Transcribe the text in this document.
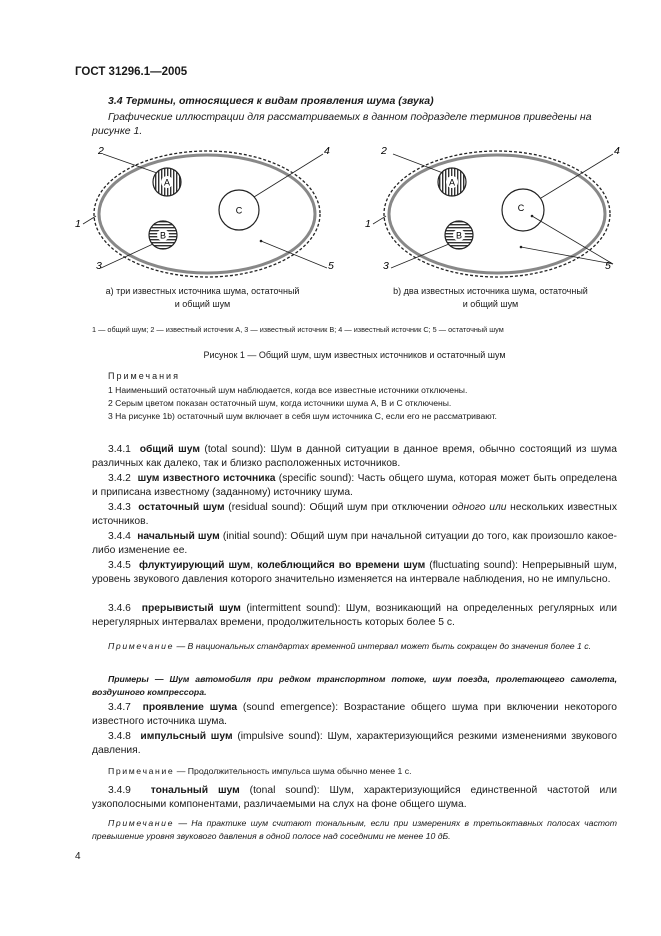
ГОСТ 31296.1—2005
3.4 Термины, относящиеся к видам проявления шума (звука)
Графические иллюстрации для рассматриваемых в данном подразделе терминов приведены на рисунке 1.
A
B
C
2
3
4
5
1
A
B
C
2
3
4
5
1
а) три известных источника шума, остаточный
и общий шум
b) два известных источника шума, остаточный
и общий шум
1 — общий шум; 2 — известный источник А, 3 — известный источник В; 4 — известный источник С; 5 — остаточный шум
Рисунок 1 — Общий шум, шум известных источников и остаточный шум
Примечания
1 Наименьший остаточный шум наблюдается, когда все известные источники отключены.
2 Серым цветом показан остаточный шум, когда источники шума А, В и С отключены.
3 На рисунке 1b) остаточный шум включает в себя шум источника С, если его не рассматривают.
3.4.1 общий шум (total sound): Шум в данной ситуации в данное время, обычно состоящий из шума различных как далеко, так и близко расположенных источников.
3.4.2 шум известного источника (specific sound): Часть общего шума, которая может быть определена и приписана известному (заданному) источнику шума.
3.4.3 остаточный шум (residual sound): Общий шум при отключении одного или нескольких известных источников.
3.4.4 начальный шум (initial sound): Общий шум при начальной ситуации до того, как произошло какое-либо изменение ее.
3.4.5 флуктуирующий шум, колеблющийся во времени шум (fluctuating sound): Непрерывный шум, уровень звукового давления которого значительно изменяется на интервале наблюдения, но не импульсно.
3.4.6 прерывистый шум (intermittent sound): Шум, возникающий на определенных регулярных или нерегулярных интервалах времени, продолжительность которых более 5 с.
Примечание — В национальных стандартах временной интервал может быть сокращен до значения более 1 с.
Примеры — Шум автомобиля при редком транспортном потоке, шум поезда, пролетающего самолета, воздушного компрессора.
3.4.7 проявление шума (sound emergence): Возрастание общего шума при включении некоторого известного источника шума.
3.4.8 импульсный шум (impulsive sound): Шум, характеризующийся резкими изменениями звукового давления.
Примечание — Продолжительность импульса шума обычно менее 1 с.
3.4.9 тональный шум (tonal sound): Шум, характеризующийся единственной частотой или узкополосными компонентами, различаемыми на слух на фоне общего шума.
Примечание — На практике шум считают тональным, если при измерениях в третьоктавных полосах частот превышение уровня звукового давления в одной полосе над соседними не менее 10 дБ.
4
